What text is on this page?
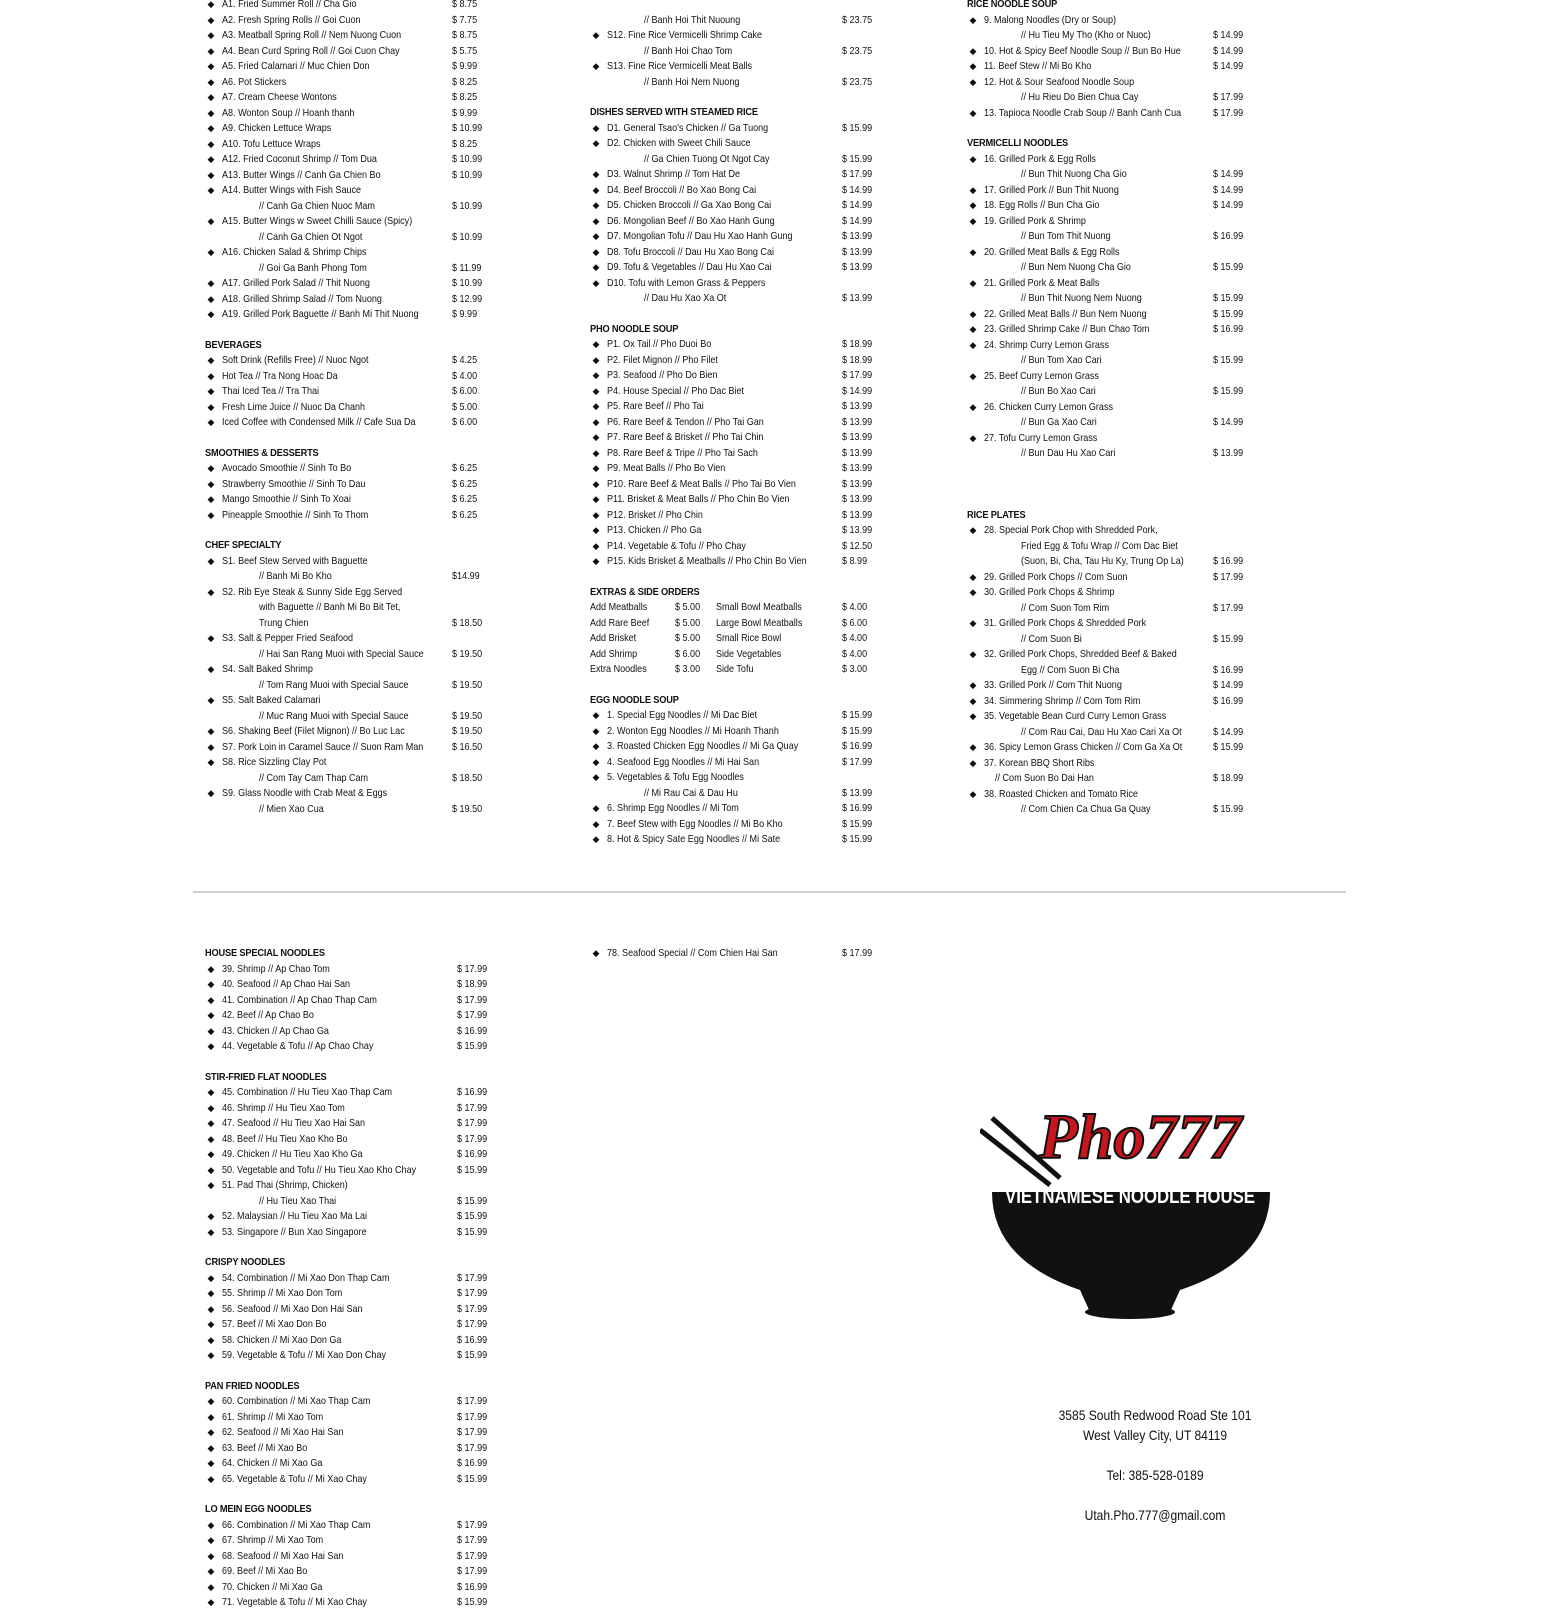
◆ A1. Fried Summer Roll // Cha Gio	$ 8.75
◆ A2. Fresh Spring Rolls // Goi Cuon	$ 7.75
◆ A3. Meatball Spring Roll // Nem Nuong Cuon	$ 8.75
◆ A4. Bean Curd Spring Roll // Goi Cuon Chay	$ 5.75
◆ A5. Fried Calamari // Muc Chien Don	$ 9.99
◆ A6. Pot Stickers	$ 8.25
◆ A7. Cream Cheese Wontons	$ 8.25
◆ A8. Wonton Soup // Hoanh thanh	$ 9.99
◆ A9. Chicken Lettuce Wraps	$ 10.99
◆ A10. Tofu Lettuce Wraps	$ 8.25
◆ A12. Fried Coconut Shrimp // Tom Dua	$ 10.99
◆ A13. Butter Wings // Canh Ga Chien Bo	$ 10.99
◆ A14. Butter Wings with Fish Sauce
// Canh Ga Chien Nuoc Mam	$ 10.99
◆ A15. Butter Wings w Sweet Chilli Sauce (Spicy)
// Canh Ga Chien Ot Ngot	$ 10.99
◆ A16. Chicken Salad & Shrimp Chips
// Goi Ga Banh Phong Tom	$ 11.99
◆ A17. Grilled Pork Salad // Thit Nuong	$ 10.99
◆ A18. Grilled Shrimp Salad // Tom Nuong	$ 12.99
◆ A19. Grilled Pork Baguette // Banh Mi Thit Nuong	$ 9.99
BEVERAGES
◆ Soft Drink (Refills Free) // Nuoc Ngot	$ 4.25
◆ Hot Tea // Tra Nong Hoac Da	$ 4.00
◆ Thai Iced Tea // Tra Thai	$ 6.00
◆ Fresh Lime Juice // Nuoc Da Chanh	$ 5.00
◆ Iced Coffee with Condensed Milk // Cafe Sua Da	$ 6.00
SMOOTHIES & DESSERTS
◆ Avocado Smoothie // Sinh To Bo	$ 6.25
◆ Strawberry Smoothie // Sinh To Dau	$ 6.25
◆ Mango Smoothie // Sinh To Xoai	$ 6.25
◆ Pineapple Smoothie // Sinh To Thom	$ 6.25
CHEF SPECIALTY
◆ S1. Beef Stew Served with Baguette
// Banh Mi Bo Kho	$14.99
◆ S2. Rib Eye Steak & Sunny Side Egg Served
with Baguette // Banh Mi Bo Bit Tet,
Trung Chien	$ 18.50
◆ S3. Salt & Pepper Fried Seafood
// Hai San Rang Muoi with Special Sauce	$ 19.50
◆ S4. Salt Baked Shrimp
// Tom Rang Muoi with Special Sauce	$ 19.50
◆ S5. Salt Baked Calamari
// Muc Rang Muoi with Special Sauce	$ 19.50
◆ S6. Shaking Beef (Filet Mignon) // Bo Luc Lac	$ 19.50
◆ S7. Pork Loin in Caramel Sauce // Suon Ram Man	$ 16.50
◆ S8. Rice Sizzling Clay Pot
// Com Tay Cam Thap Cam	$ 18.50
◆ S9. Glass Noodle with Crab Meat & Eggs
// Mien Xao Cua	$ 19.50
// Banh Hoi Thit Nuoung	$ 23.75
◆ S12. Fine Rice Vermicelli Shrimp Cake
// Banh Hoi Chao Tom	$ 23.75
◆ S13. Fine Rice Vermicelli Meat Balls
// Banh Hoi Nem Nuong	$ 23.75
DISHES SERVED WITH STEAMED RICE
◆ D1. General Tsao's Chicken // Ga Tuong	$ 15.99
◆ D2. Chicken with Sweet Chili Sauce
// Ga Chien Tuong Ot Ngot Cay	$ 15.99
◆ D3. Walnut Shrimp // Tom Hat De	$ 17.99
◆ D4. Beef Broccoli // Bo Xao Bong Cai	$ 14.99
◆ D5. Chicken Broccoli // Ga Xao Bong Cai	$ 14.99
◆ D6. Mongolian Beef // Bo Xao Hanh Gung	$ 14.99
◆ D7. Mongolian Tofu // Dau Hu Xao Hanh Gung	$ 13.99
◆ D8. Tofu Broccoli // Dau Hu Xao Bong Cai	$ 13.99
◆ D9. Tofu & Vegetables // Dau Hu Xao Cai	$ 13.99
◆ D10. Tofu with Lemon Grass & Peppers
// Dau Hu Xao Xa Ot	$ 13.99
PHO NOODLE SOUP
◆ P1. Ox Tail // Pho Duoi Bo	$ 18.99
◆ P2. Filet Mignon // Pho Filet	$ 18.99
◆ P3. Seafood // Pho Do Bien	$ 17.99
◆ P4. House Special // Pho Dac Biet	$ 14.99
◆ P5. Rare Beef // Pho Tai	$ 13.99
◆ P6. Rare Beef & Tendon // Pho Tai Gan	$ 13.99
◆ P7. Rare Beef & Brisket // Pho Tai Chin	$ 13.99
◆ P8. Rare Beef & Tripe // Pho Tai Sach	$ 13.99
◆ P9. Meat Balls // Pho Bo Vien	$ 13.99
◆ P10. Rare Beef & Meat Balls // Pho Tai Bo Vien	$ 13.99
◆ P11. Brisket & Meat Balls // Pho Chin Bo Vien	$ 13.99
◆ P12. Brisket // Pho Chin	$ 13.99
◆ P13. Chicken // Pho Ga	$ 13.99
◆ P14. Vegetable & Tofu // Pho Chay	$ 12.50
◆ P15. Kids Brisket & Meatballs // Pho Chin Bo Vien	$ 8.99
EXTRAS & SIDE ORDERS
Add Meatballs	$ 5.00 Small Bowl Meatballs	$ 4.00
Add Rare Beef $ 5.00 Large Bowl Meatballs	$ 6.00
Add Brisket	$ 5.00 Small Rice Bowl	$ 4.00
Add Shrimp	$ 6.00 Side Vegetables	$ 4.00
Extra Noodles	$ 3.00 Side Tofu	$ 3.00
EGG NOODLE SOUP
◆ 1. Special Egg Noodles // Mi Dac Biet	$ 15.99
◆ 2. Wonton Egg Noodles // Mi Hoanh Thanh	$ 15.99
◆ 3. Roasted Chicken Egg Noodles // Mi Ga Quay	$ 16.99
◆ 4. Seafood Egg Noodles // Mi Hai San	$ 17.99
◆ 5. Vegetables & Tofu Egg Noodles
// Mi Rau Cai & Dau Hu	$ 13.99
◆ 6. Shrimp Egg Noodles // Mi Tom	$ 16.99
◆ 7. Beef Stew with Egg Noodles // Mi Bo Kho	$ 15.99
◆ 8. Hot & Spicy Sate Egg Noodles // Mi Sate	$ 15.99
RICE NOODLE SOUP
◆ 9. Malong Noodles (Dry or Soup)
// Hu Tieu My Tho (Kho or Nuoc)	$ 14.99
◆ 10. Hot & Spicy Beef Noodle Soup // Bun Bo Hue	$ 14.99
◆ 11. Beef Stew // Mi Bo Kho	$ 14.99
◆ 12. Hot & Sour Seafood Noodle Soup
// Hu Rieu Do Bien Chua Cay	$ 17.99
◆ 13. Tapioca Noodle Crab Soup // Banh Canh Cua	$ 17.99
VERMICELLI NOODLES
◆ 16. Grilled Pork & Egg Rolls
// Bun Thit Nuong Cha Gio	$ 14.99
◆ 17. Grilled Pork // Bun Thit Nuong	$ 14.99
◆ 18. Egg Rolls // Bun Cha Gio	$ 14.99
◆ 19. Grilled Pork & Shrimp
// Bun Tom Thit Nuong	$ 16.99
◆ 20. Grilled Meat Balls & Egg Rolls
// Bun Nem Nuong Cha Gio	$ 15.99
◆ 21. Grilled Pork & Meat Balls
// Bun Thit Nuong Nem Nuong	$ 15.99
◆ 22. Grilled Meat Balls // Bun Nem Nuong	$ 15.99
◆ 23. Grilled Shrimp Cake // Bun Chao Tom	$ 16.99
◆ 24. Shrimp Curry Lemon Grass
// Bun Tom Xao Cari	$ 15.99
◆ 25. Beef Curry Lemon Grass
// Bun Bo Xao Cari	$ 15.99
◆ 26. Chicken Curry Lemon Grass
// Bun Ga Xao Cari	$ 14.99
◆ 27. Tofu Curry Lemon Grass
// Bun Dau Hu Xao Cari	$ 13.99
RICE PLATES
◆ 28. Special Pork Chop with Shredded Pork,
Fried Egg & Tofu Wrap // Com Dac Biet
(Suon, Bi, Cha, Tau Hu Ky, Trung Op La)	$ 16.99
◆ 29. Grilled Pork Chops // Com Suon	$ 17.99
◆ 30. Grilled Pork Chops & Shrimp
// Com Suon Tom Rim	$ 17.99
◆ 31. Grilled Pork Chops & Shredded Pork
// Com Suon Bi	$ 15.99
◆ 32. Grilled Pork Chops, Shredded Beef & Baked
Egg // Com Suon Bi Cha	$ 16.99
◆ 33. Grilled Pork // Com Thit Nuong	$ 14.99
◆ 34. Simmering Shrimp // Com Tom Rim	$ 16.99
◆ 35. Vegetable Bean Curd Curry Lemon Grass
// Com Rau Cai, Dau Hu Xao Cari Xa Ot	$ 14.99
◆ 36. Spicy Lemon Grass Chicken // Com Ga Xa Ot	$ 15.99
◆ 37. Korean BBQ Short Ribs
// Com Suon Bo Dai Han	$ 18.99
◆ 38. Roasted Chicken and Tomato Rice
// Com Chien Ca Chua Ga Quay	$ 15.99
HOUSE SPECIAL NOODLES
◆ 39. Shrimp // Ap Chao Tom	$ 17.99
◆ 40. Seafood // Ap Chao Hai San	$ 18.99
◆ 41. Combination // Ap Chao Thap Cam	$ 17.99
◆ 42. Beef // Ap Chao Bo	$ 17.99
◆ 43. Chicken // Ap Chao Ga	$ 16.99
◆ 44. Vegetable & Tofu // Ap Chao Chay	$ 15.99
STIR-FRIED FLAT NOODLES
◆ 45. Combination // Hu Tieu Xao Thap Cam	$ 16.99
◆ 46. Shrimp // Hu Tieu Xao Tom	$ 17.99
◆ 47. Seafood // Hu Tieu Xao Hai San	$ 17.99
◆ 48. Beef // Hu Tieu Xao Kho Bo	$ 17.99
◆ 49. Chicken // Hu Tieu Xao Kho Ga	$ 16.99
◆ 50. Vegetable and Tofu // Hu Tieu Xao Kho Chay	$ 15.99
◆ 51. Pad Thai (Shrimp, Chicken)
// Hu Tieu Xao Thai	$ 15.99
◆ 52. Malaysian // Hu Tieu Xao Ma Lai	$ 15.99
◆ 53. Singapore // Bun Xao Singapore	$ 15.99
CRISPY NOODLES
◆ 54. Combination // Mi Xao Don Thap Cam	$ 17.99
◆ 55. Shrimp // Mi Xao Don Tom	$ 17.99
◆ 56. Seafood // Mi Xao Don Hai San	$ 17.99
◆ 57. Beef // Mi Xao Don Bo	$ 17.99
◆ 58. Chicken // Mi Xao Don Ga	$ 16.99
◆ 59. Vegetable & Tofu // Mi Xao Don Chay	$ 15.99
PAN FRIED NOODLES
◆ 60. Combination // Mi Xao Thap Cam	$ 17.99
◆ 61. Shrimp // Mi Xao Tom	$ 17.99
◆ 62. Seafood // Mi Xao Hai San	$ 17.99
◆ 63. Beef // Mi Xao Bo	$ 17.99
◆ 64. Chicken // Mi Xao Ga	$ 16.99
◆ 65. Vegetable & Tofu // Mi Xao Chay	$ 15.99
LO MEIN EGG NOODLES
◆ 66. Combination // Mi Xao Thap Cam	$ 17.99
◆ 67. Shrimp // Mi Xao Tom	$ 17.99
◆ 68. Seafood // Mi Xao Hai San	$ 17.99
◆ 69. Beef // Mi Xao Bo	$ 17.99
◆ 70. Chicken // Mi Xao Ga	$ 16.99
◆ 71. Vegetable & Tofu // Mi Xao Chay	$ 15.99
◆ 78. Seafood Special // Com Chien Hai San	$ 17.99
Pho777
VIETNAMESE NOODLE HOUSE
3585 South Redwood Road Ste 101
West Valley City, UT 84119
Tel: 385-528-0189
Utah.Pho.777@gmail.com
